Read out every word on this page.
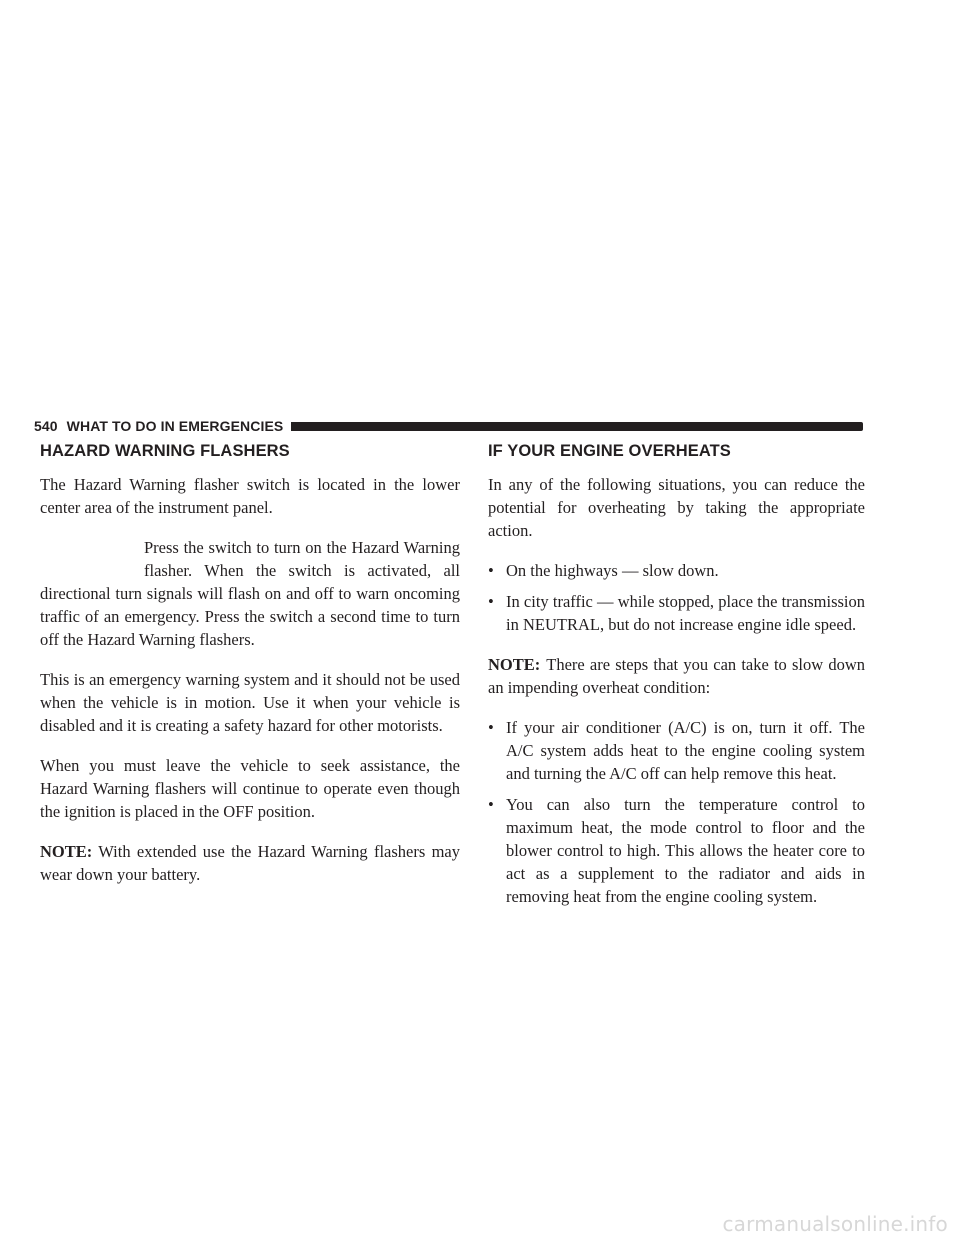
540 WHAT TO DO IN EMERGENCIES
HAZARD WARNING FLASHERS

The Hazard Warning flasher switch is located in the lower center area of the instrument panel.

Press the switch to turn on the Hazard Warning flasher. When the switch is activated, all directional turn signals will flash on and off to warn oncoming traffic of an emergency. Press the switch a second time to turn off the Hazard Warning flashers.

This is an emergency warning system and it should not be used when the vehicle is in motion. Use it when your vehicle is disabled and it is creating a safety hazard for other motorists.

When you must leave the vehicle to seek assistance, the Hazard Warning flashers will continue to operate even though the ignition is placed in the OFF position.

NOTE: With extended use the Hazard Warning flashers may wear down your battery.

IF YOUR ENGINE OVERHEATS

In any of the following situations, you can reduce the potential for overheating by taking the appropriate action.

• On the highways — slow down.
• In city traffic — while stopped, place the transmission in NEUTRAL, but do not increase engine idle speed.

NOTE: There are steps that you can take to slow down an impending overheat condition:

• If your air conditioner (A/C) is on, turn it off. The A/C system adds heat to the engine cooling system and turning the A/C off can help remove this heat.
• You can also turn the temperature control to maximum heat, the mode control to floor and the blower control to high. This allows the heater core to act as a supplement to the radiator and aids in removing heat from the engine cooling system.
carmanualsonline.info
